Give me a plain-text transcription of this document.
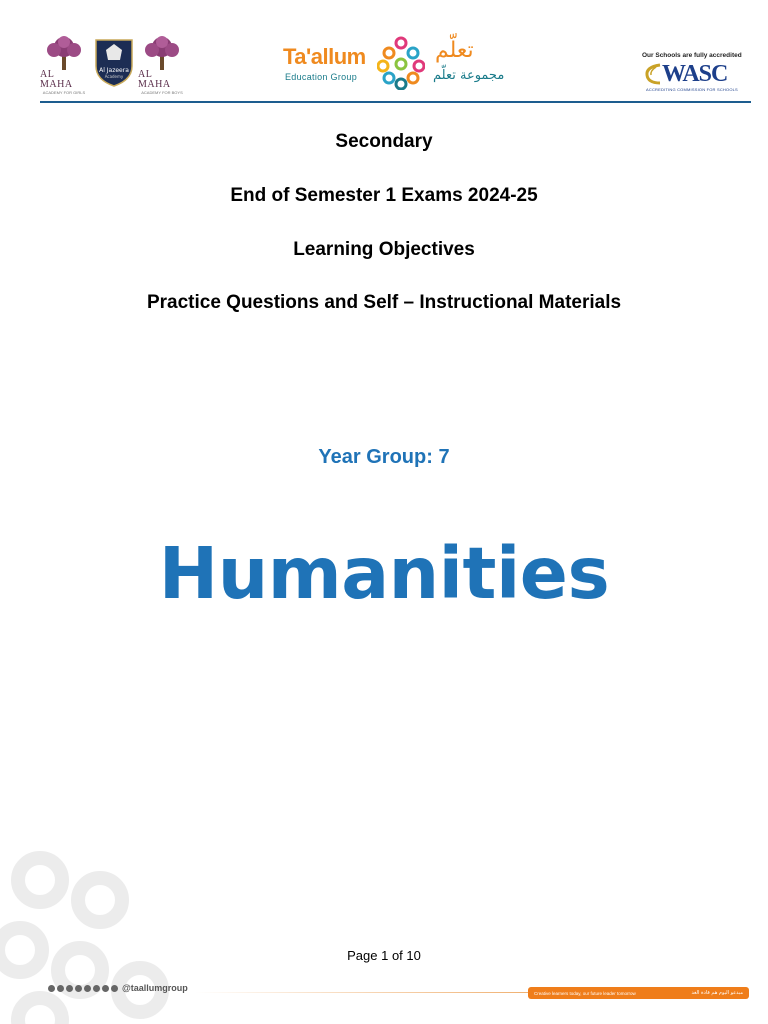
AL MAHA
ACADEMY FOR GIRLS
Al Jazeera
Academy AL MAHA
ACADEMY FOR BOYS
Ta'allum
Education Group
تعلّم
مجموعة تعلّم
Our Schools are fully accredited
WASC
ACCREDITING COMMISSION FOR SCHOOLS
Secondary
End of Semester 1 Exams 2024-25
Learning Objectives
Practice Questions and Self – Instructional Materials
Year Group: 7
Humanities
Page 1 of 10
@taallumgroup	Creative learners today, our future leader tomorrow	مبدعو اليوم هم قادة الغد
